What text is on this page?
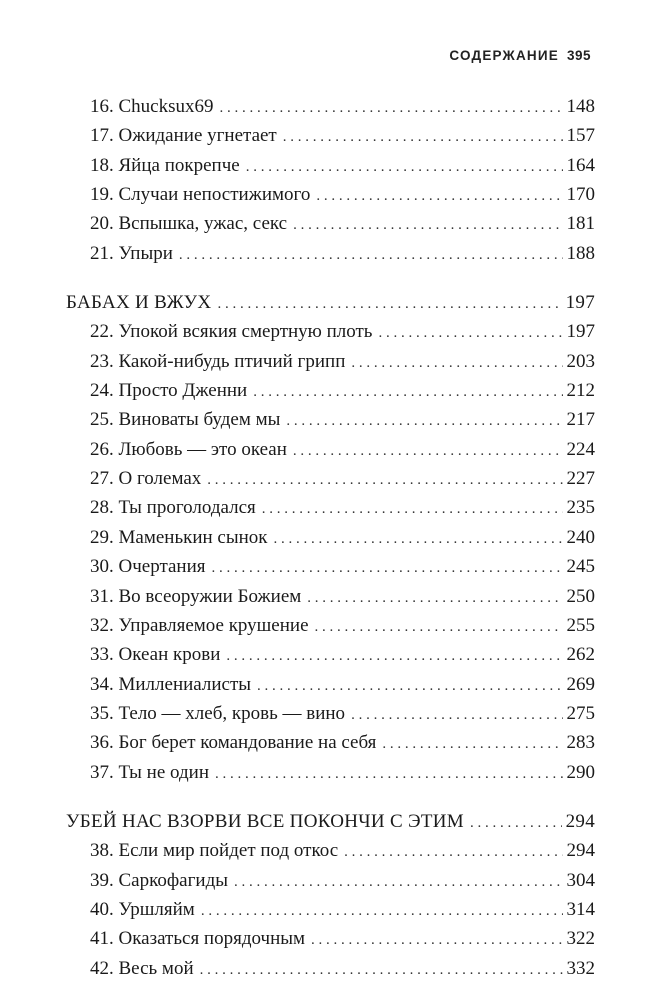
СОДЕРЖАНИЕ 395
16. Chucksux69 . . .	148
17. Ожидание угнетает . . .	157
18. Яйца покрепче . . .	164
19. Случаи непостижимого . . .	170
20. Вспышка, ужас, секс . . .	181
21. Упыри . . .	188
БАБАХ И ВЖУХ . . .	197
22. Упокой всякия смертную плоть . . .	197
23. Какой-нибудь птичий грипп . . .	203
24. Просто Дженни . . .	212
25. Виноваты будем мы . . .	217
26. Любовь — это океан . . .	224
27. О големах . . .	227
28. Ты проголодался . . .	235
29. Маменькин сынок . . .	240
30. Очертания . . .	245
31. Во всеоружии Божием . . .	250
32. Управляемое крушение . . .	255
33. Океан крови . . .	262
34. Миллениалисты . . .	269
35. Тело — хлеб, кровь — вино . . .	275
36. Бог берет командование на себя . . .	283
37. Ты не один . . .	290
УБЕЙ НАС ВЗОРВИ ВСЕ ПОКОНЧИ С ЭТИМ . . .	294
38. Если мир пойдет под откос . . .	294
39. Саркофагиды . . .	304
40. Уршляйм . . .	314
41. Оказаться порядочным . . .	322
42. Весь мой . . .	332
